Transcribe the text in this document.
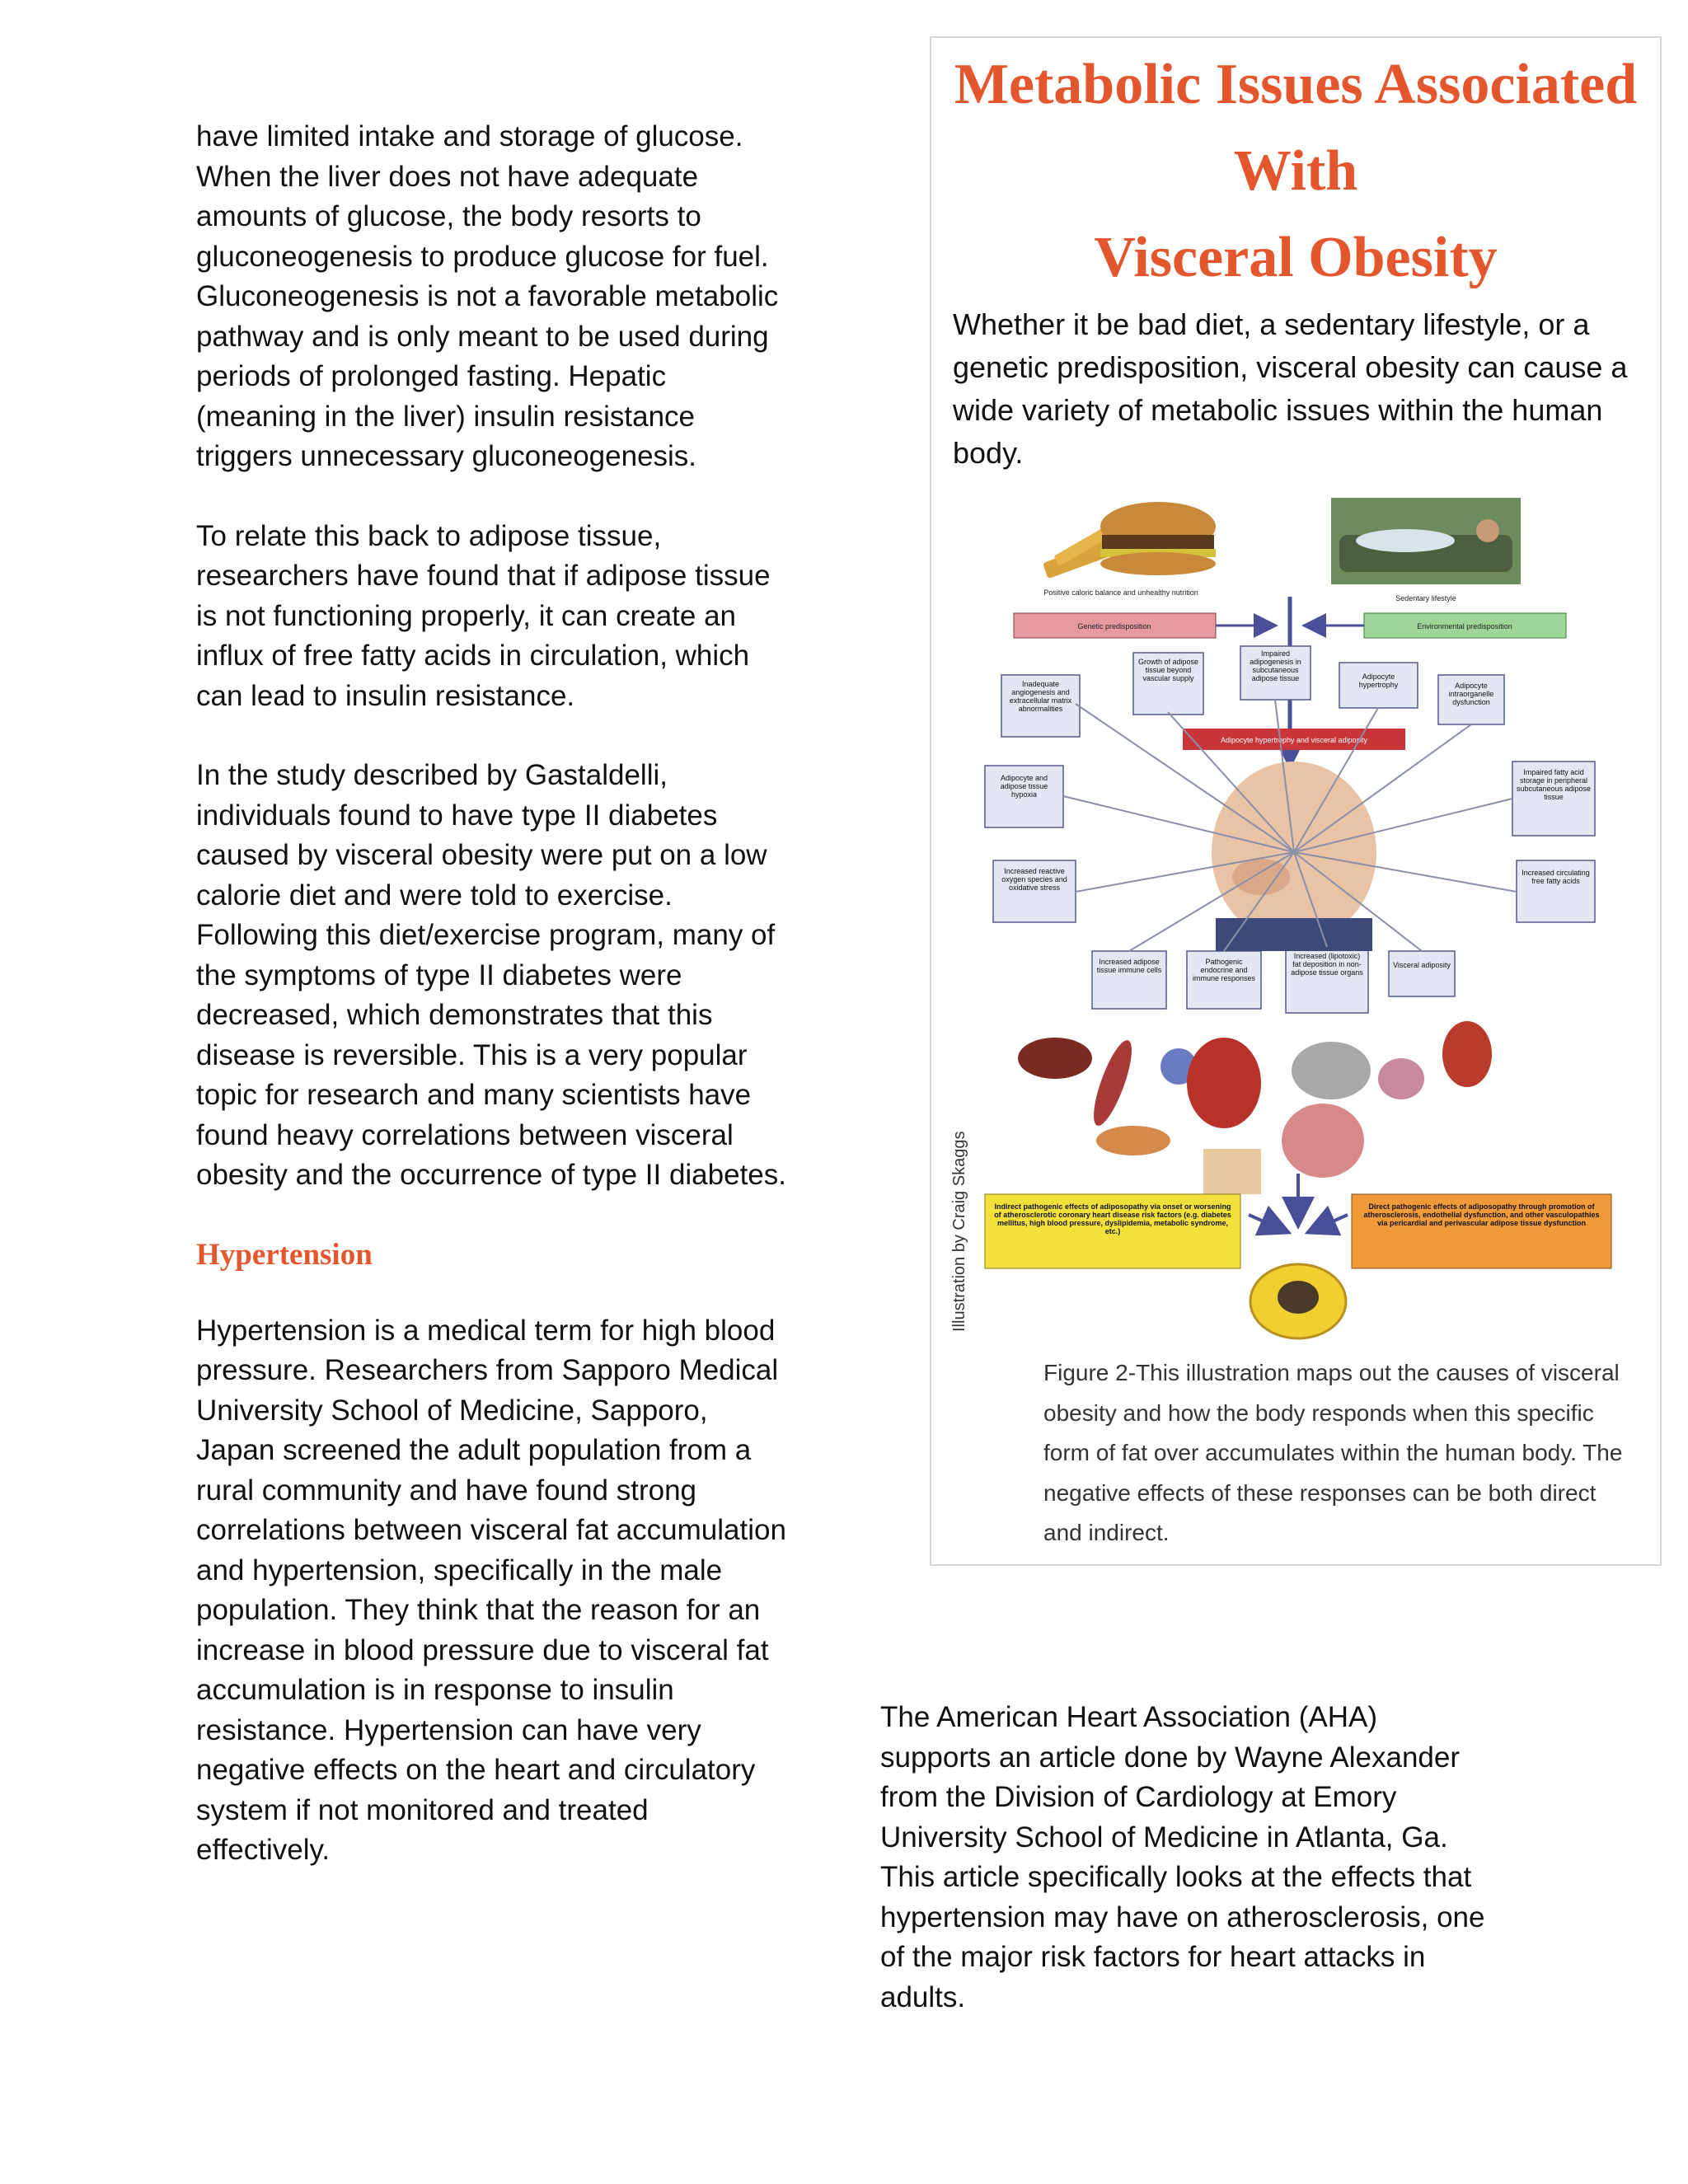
have limited intake and storage of glucose. When the liver does not have adequate amounts of glucose, the body resorts to gluconeogenesis to produce glucose for fuel. Gluconeogenesis is not a favorable metabolic pathway and is only meant to be used during periods of prolonged fasting. Hepatic (meaning in the liver) insulin resistance triggers unnecessary gluconeogenesis.

To relate this back to adipose tissue, researchers have found that if adipose tissue is not functioning properly, it can create an influx of free fatty acids in circulation, which can lead to insulin resistance.

In the study described by Gastaldelli, individuals found to have type II diabetes caused by visceral obesity were put on a low calorie diet and were told to exercise. Following this diet/exercise program, many of the symptoms of type II diabetes were decreased, which demonstrates that this disease is reversible. This is a very popular topic for research and many scientists have found heavy correlations between visceral obesity and the occurrence of type II diabetes.

Hypertension

Hypertension is a medical term for high blood pressure. Researchers from Sapporo Medical University School of Medicine, Sapporo, Japan screened the adult population from a rural community and have found strong correlations between visceral fat accumulation and hypertension, specifically in the male population. They think that the reason for an increase in blood pressure due to visceral fat accumulation is in response to insulin resistance. Hypertension can have very negative effects on the heart and circulatory system if not monitored and treated effectively.

Metabolic Issues Associated
With
Visceral Obesity

Whether it be bad diet, a sedentary lifestyle, or a genetic predisposition, visceral obesity can cause a wide variety of metabolic issues within the human body.

Illustration by Craig Skaggs
Positive caloric balance and unhealthy nutrition
Sedentary lifestyle
Genetic predisposition	Environmental predisposition
Inadequate angiogenesis and extracellular matrix abnormalities
Growth of adipose tissue beyond vascular supply
Impaired adipogenesis in subcutaneous adipose tissue	Adipocyte hypertrophy	Adipocyte intraorganelle dysfunction
Adipocyte and adipose tissue hypoxia
Impaired fatty acid storage in peripheral subcutaneous adipose tissue
Increased reactive oxygen species and oxidative stress
Increased circulating free fatty acids
Increased adipose tissue immune cells
Pathogenic endocrine and immune responses
Increased (lipotoxic) fat deposition in non-adipose tissue organs
Visceral adiposity
Adipocyte hypertrophy and visceral adiposity
Indirect pathogenic effects of adiposopathy via onset or worsening of atherosclerotic coronary heart disease risk factors (e.g. diabetes mellitus, high blood pressure, dyslipidemia, metabolic syndrome, etc.)
Direct pathogenic effects of adiposopathy through promotion of atherosclerosis, endothelial dysfunction, and other vasculopathies via pericardial and perivascular adipose tissue dysfunction

Figure 2-This illustration maps out the causes of visceral obesity and how the body responds when this specific form of fat over accumulates within the human body. The negative effects of these responses can be both direct and indirect.

The American Heart Association (AHA) supports an article done by Wayne Alexander from the Division of Cardiology at Emory University School of Medicine in Atlanta, Ga. This article specifically looks at the effects that hypertension may have on atherosclerosis, one of the major risk factors for heart attacks in adults.
